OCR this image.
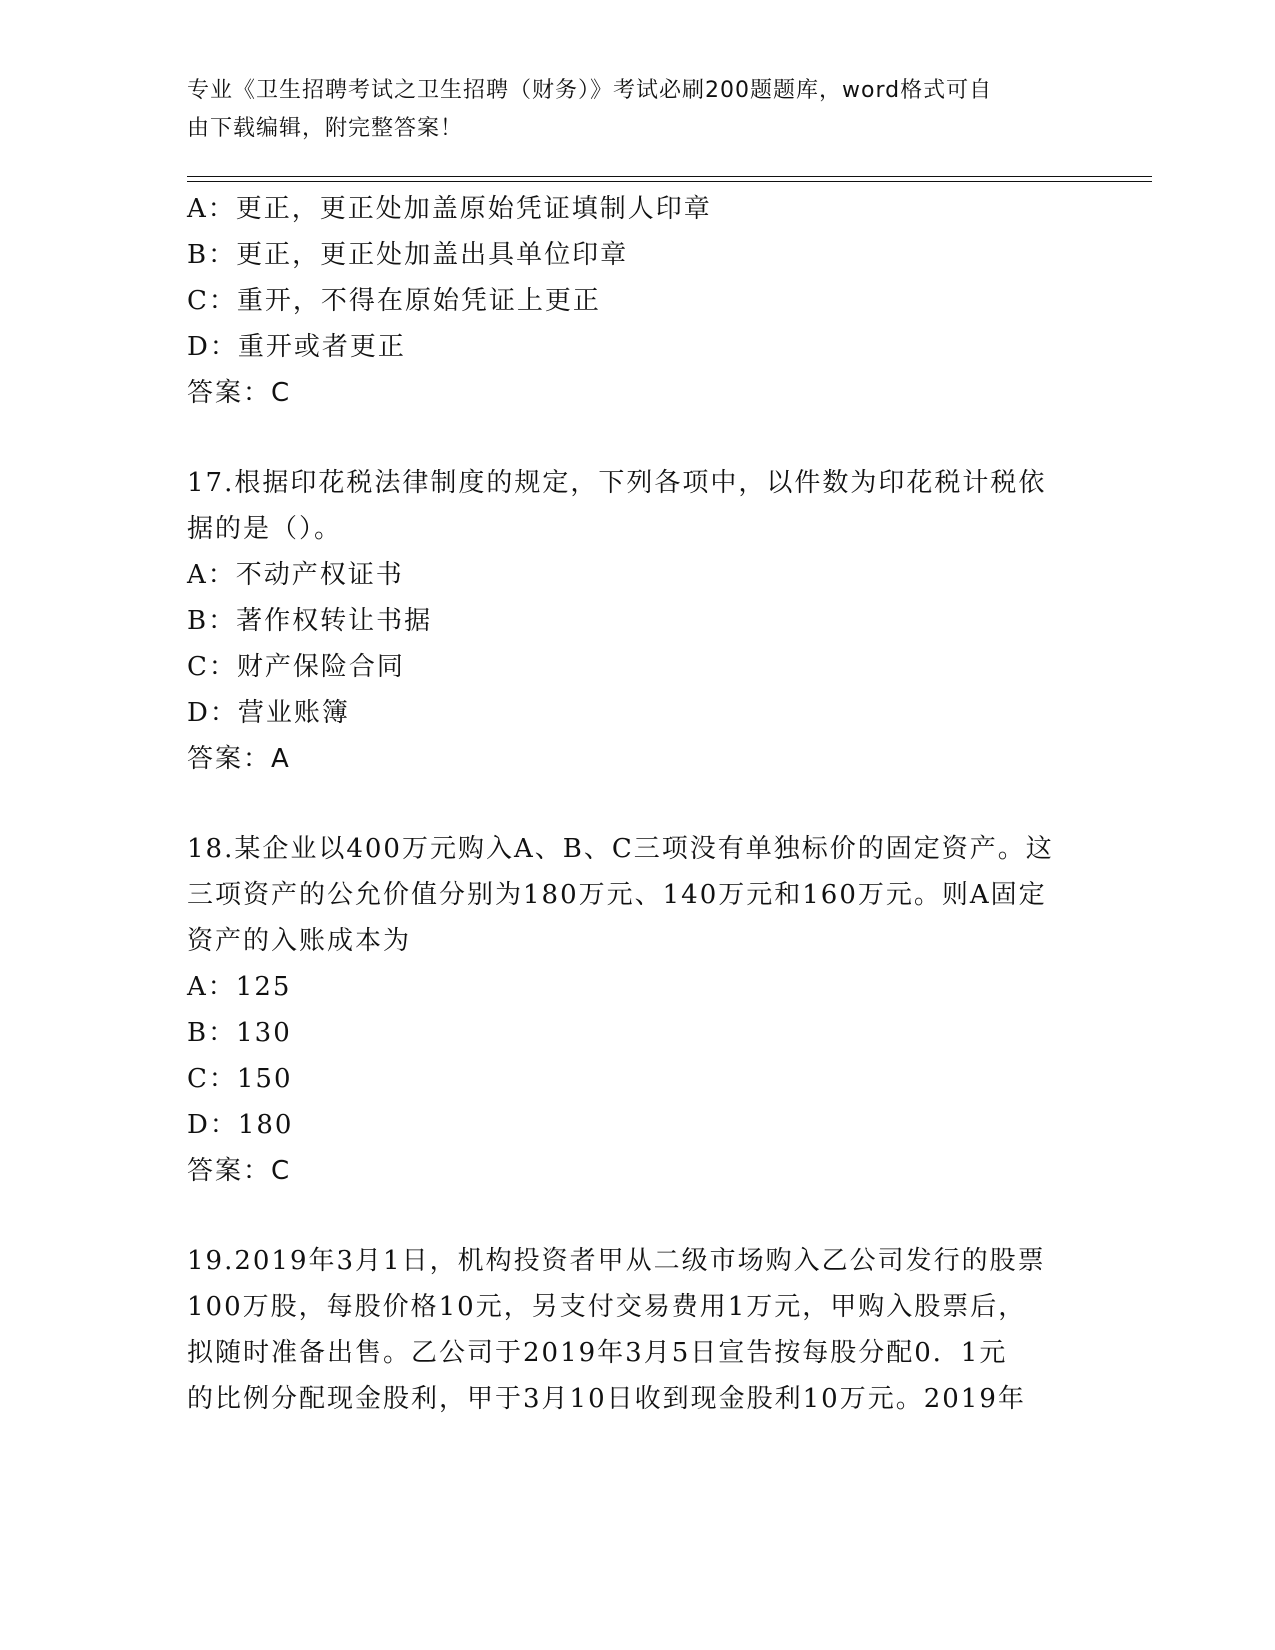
专业《卫生招聘考试之卫生招聘（财务）》考试必刷200题题库，word格式可自
由下载编辑，附完整答案！
A：更正，更正处加盖原始凭证填制人印章
B：更正，更正处加盖出具单位印章
C：重开，不得在原始凭证上更正
D：重开或者更正
答案：C
17.根据印花税法律制度的规定，下列各项中，以件数为印花税计税依
据的是（）。
A：不动产权证书
B：著作权转让书据
C：财产保险合同
D：营业账簿
答案：A
18.某企业以400万元购入A、B、C三项没有单独标价的固定资产。这
三项资产的公允价值分别为180万元、140万元和160万元。则A固定
资产的入账成本为
A：125
B：130
C：150
D：180
答案：C
19.2019年3月1日，机构投资者甲从二级市场购入乙公司发行的股票
100万股，每股价格10元，另支付交易费用1万元，甲购入股票后，
拟随时准备出售。乙公司于2019年3月5日宣告按每股分配0．1元
的比例分配现金股利，甲于3月10日收到现金股利10万元。2019年
